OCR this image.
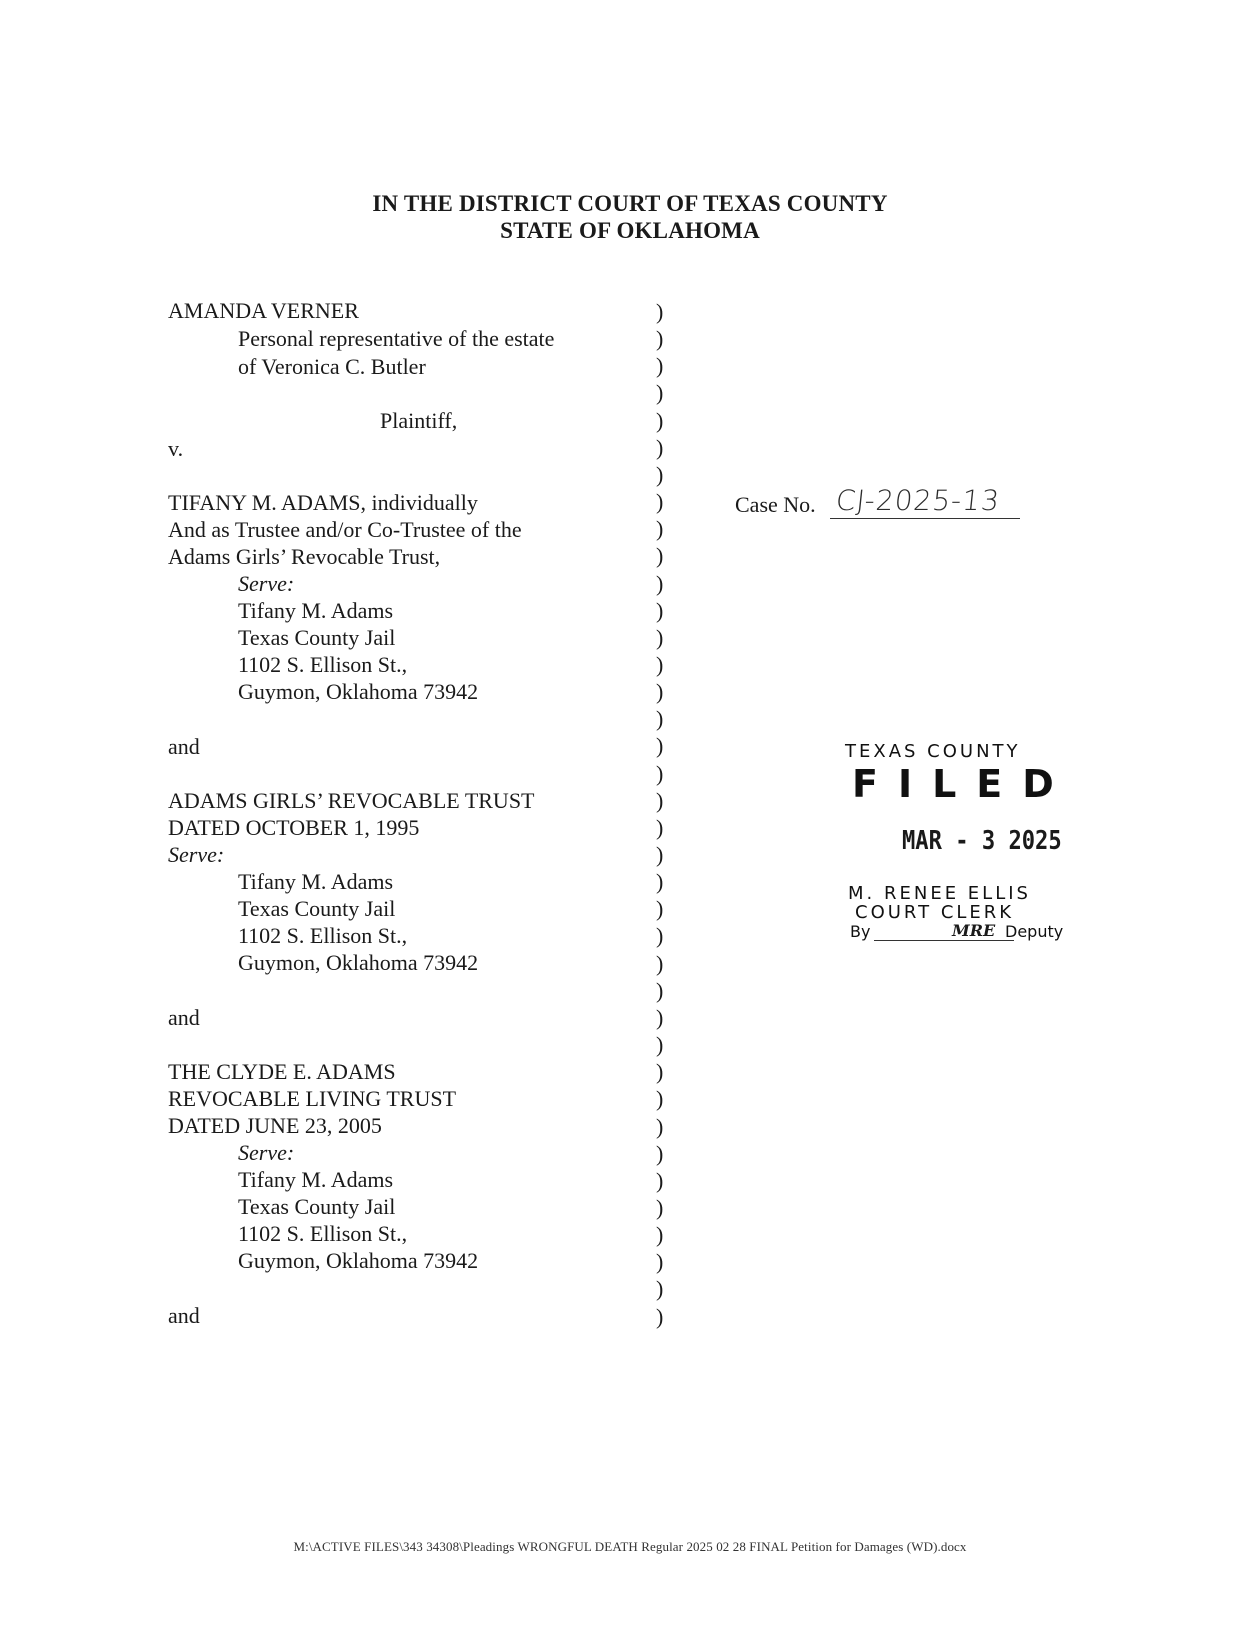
IN THE DISTRICT COURT OF TEXAS COUNTY
STATE OF OKLAHOMA
AMANDA VERNER
Personal representative of the estate
of Veronica C. Butler
Plaintiff,
v.
TIFANY M. ADAMS, individually
And as Trustee and/or Co-Trustee of the
Adams Girls’ Revocable Trust,
Serve:
Tifany M. Adams
Texas County Jail
1102 S. Ellison St.,
Guymon, Oklahoma 73942
and
ADAMS GIRLS’ REVOCABLE TRUST
DATED OCTOBER 1, 1995
Serve:
Tifany M. Adams
Texas County Jail
1102 S. Ellison St.,
Guymon, Oklahoma 73942
and
THE CLYDE E. ADAMS
REVOCABLE LIVING TRUST
DATED JUNE 23, 2005
Serve:
Tifany M. Adams
Texas County Jail
1102 S. Ellison St.,
Guymon, Oklahoma 73942
and
)
)
)
)
)
)
)
)
)
)
)
)
)
)
)
)
)
)
)
)
)
)
)
)
)
)
)
)
)
)
)
)
)
)
)
)
)
)
Case No. CJ-2025-13
TEXAS COUNTY
FILED
MAR - 3 2025
M. RENEE ELLIS
COURT CLERK
By	MRE Deputy
M:\ACTIVE FILES\343 34308\Pleadings WRONGFUL DEATH Regular 2025 02 28 FINAL Petition for Damages (WD).docx
